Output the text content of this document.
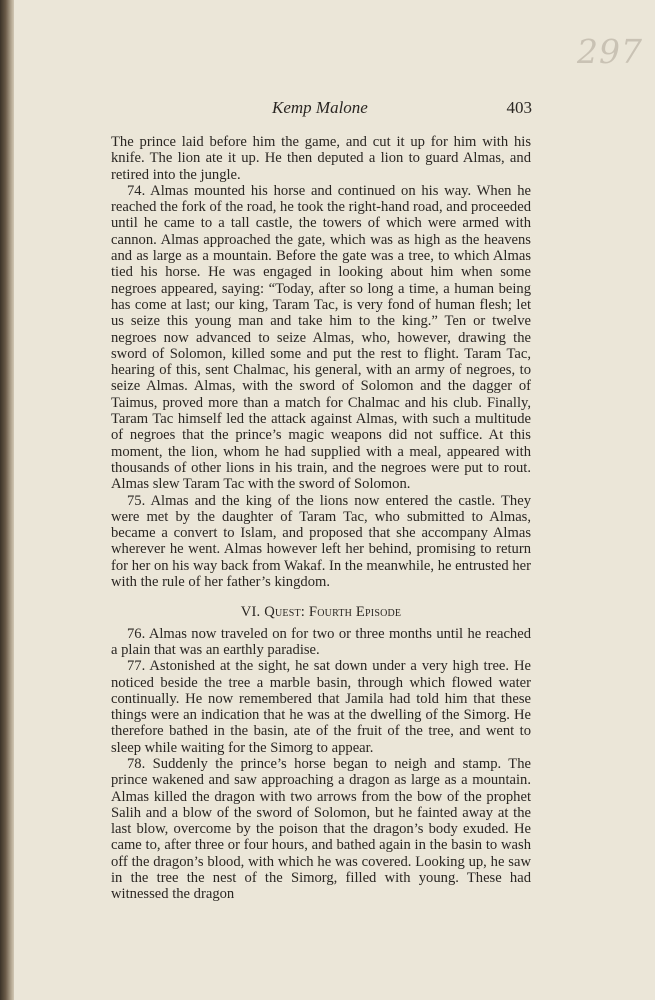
297
Kemp Malone	403

The prince laid before him the game, and cut it up for him with his knife. The lion ate it up. He then deputed a lion to guard Almas, and retired into the jungle.

74. Almas mounted his horse and continued on his way. When he reached the fork of the road, he took the right-hand road, and proceeded until he came to a tall castle, the towers of which were armed with cannon. Almas approached the gate, which was as high as the heavens and as large as a mountain. Before the gate was a tree, to which Almas tied his horse. He was engaged in looking about him when some negroes appeared, saying: “Today, after so long a time, a human being has come at last; our king, Taram Tac, is very fond of human flesh; let us seize this young man and take him to the king.” Ten or twelve negroes now advanced to seize Almas, who, however, drawing the sword of Solomon, killed some and put the rest to flight. Taram Tac, hearing of this, sent Chalmac, his general, with an army of negroes, to seize Almas. Almas, with the sword of Solomon and the dagger of Taimus, proved more than a match for Chalmac and his club. Finally, Taram Tac himself led the attack against Almas, with such a multitude of negroes that the prince’s magic weapons did not suffice. At this moment, the lion, whom he had supplied with a meal, appeared with thousands of other lions in his train, and the negroes were put to rout. Almas slew Taram Tac with the sword of Solomon.

75. Almas and the king of the lions now entered the castle. They were met by the daughter of Taram Tac, who submitted to Almas, became a convert to Islam, and proposed that she accompany Almas wherever he went. Almas however left her behind, promising to return for her on his way back from Wakaf. In the meanwhile, he entrusted her with the rule of her father’s kingdom.

VI. Quest: Fourth Episode

76. Almas now traveled on for two or three months until he reached a plain that was an earthly paradise.

77. Astonished at the sight, he sat down under a very high tree. He noticed beside the tree a marble basin, through which flowed water continually. He now remembered that Jamila had told him that these things were an indication that he was at the dwelling of the Simorg. He therefore bathed in the basin, ate of the fruit of the tree, and went to sleep while waiting for the Simorg to appear.

78. Suddenly the prince’s horse began to neigh and stamp. The prince wakened and saw approaching a dragon as large as a mountain. Almas killed the dragon with two arrows from the bow of the prophet Salih and a blow of the sword of Solomon, but he fainted away at the last blow, overcome by the poison that the dragon’s body exuded. He came to, after three or four hours, and bathed again in the basin to wash off the dragon’s blood, with which he was covered. Looking up, he saw in the tree the nest of the Simorg, filled with young. These had witnessed the dragon
